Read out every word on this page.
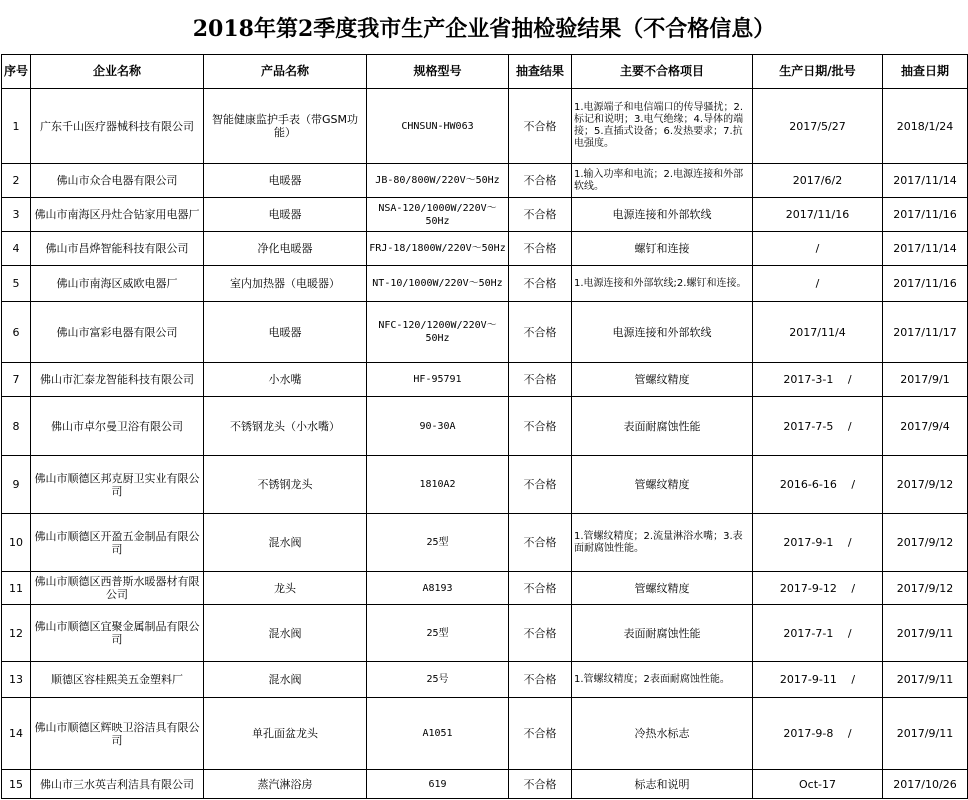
2018年第2季度我市生产企业省抽检验结果（不合格信息）
序号	企业名称	产品名称	规格型号	抽查结果	主要不合格项目	生产日期/批号	抽查日期
1	广东千山医疗器械科技有限公司	智能健康监护手表（带GSM功能）	CHNSUN-HW063	不合格	1.电源端子和电信端口的传导骚扰；2.标记和说明；3.电气绝缘；4.导体的端接；5.直插式设备；6.发热要求；7.抗电强度。	2017/5/27	2018/1/24
2	佛山市众合电器有限公司	电暖器	JB-80/800W/220V～50Hz	不合格	1.输入功率和电流；2.电源连接和外部软线。	2017/6/2	2017/11/14
3	佛山市南海区丹灶合钻家用电器厂	电暖器	NSA-120/1000W/220V～50Hz	不合格	电源连接和外部软线	2017/11/16	2017/11/16
4	佛山市昌烨智能科技有限公司	净化电暖器	FRJ-18/1800W/220V～50Hz	不合格	螺钉和连接	/	2017/11/14
5	佛山市南海区威欧电器厂	室内加热器（电暖器）	NT-10/1000W/220V～50Hz	不合格	1.电源连接和外部软线;2.螺钉和连接。	/	2017/11/16
6	佛山市富彩电器有限公司	电暖器	NFC-120/1200W/220V～50Hz	不合格	电源连接和外部软线	2017/11/4	2017/11/17
7	佛山市汇泰龙智能科技有限公司	小水嘴	HF-95791	不合格	管螺纹精度	2017-3-1　 /	2017/9/1
8	佛山市卓尔曼卫浴有限公司	不锈钢龙头（小水嘴）	90-30A	不合格	表面耐腐蚀性能	2017-7-5　 /	2017/9/4
9	佛山市顺德区邦克厨卫实业有限公司	不锈钢龙头	1810A2	不合格	管螺纹精度	2016-6-16　 /	2017/9/12
10	佛山市顺德区开盈五金制品有限公司	混水阀	25型	不合格	1.管螺纹精度；2.流量淋浴水嘴；3.表面耐腐蚀性能。	2017-9-1　 /	2017/9/12
11	佛山市顺德区西普斯水暖器材有限公司	龙头	A8193	不合格	管螺纹精度	2017-9-12　 /	2017/9/12
12	佛山市顺德区宜聚金属制品有限公司	混水阀	25型	不合格	表面耐腐蚀性能	2017-7-1　 /	2017/9/11
13	顺德区容桂熙美五金塑料厂	混水阀	25号	不合格	1.管螺纹精度；2表面耐腐蚀性能。	2017-9-11　 /	2017/9/11
14	佛山市顺德区辉映卫浴洁具有限公司	单孔面盆龙头	A1051	不合格	冷热水标志	2017-9-8　 /	2017/9/11
15	佛山市三水英吉利洁具有限公司	蒸汽淋浴房	619	不合格	标志和说明	Oct-17	2017/10/26
